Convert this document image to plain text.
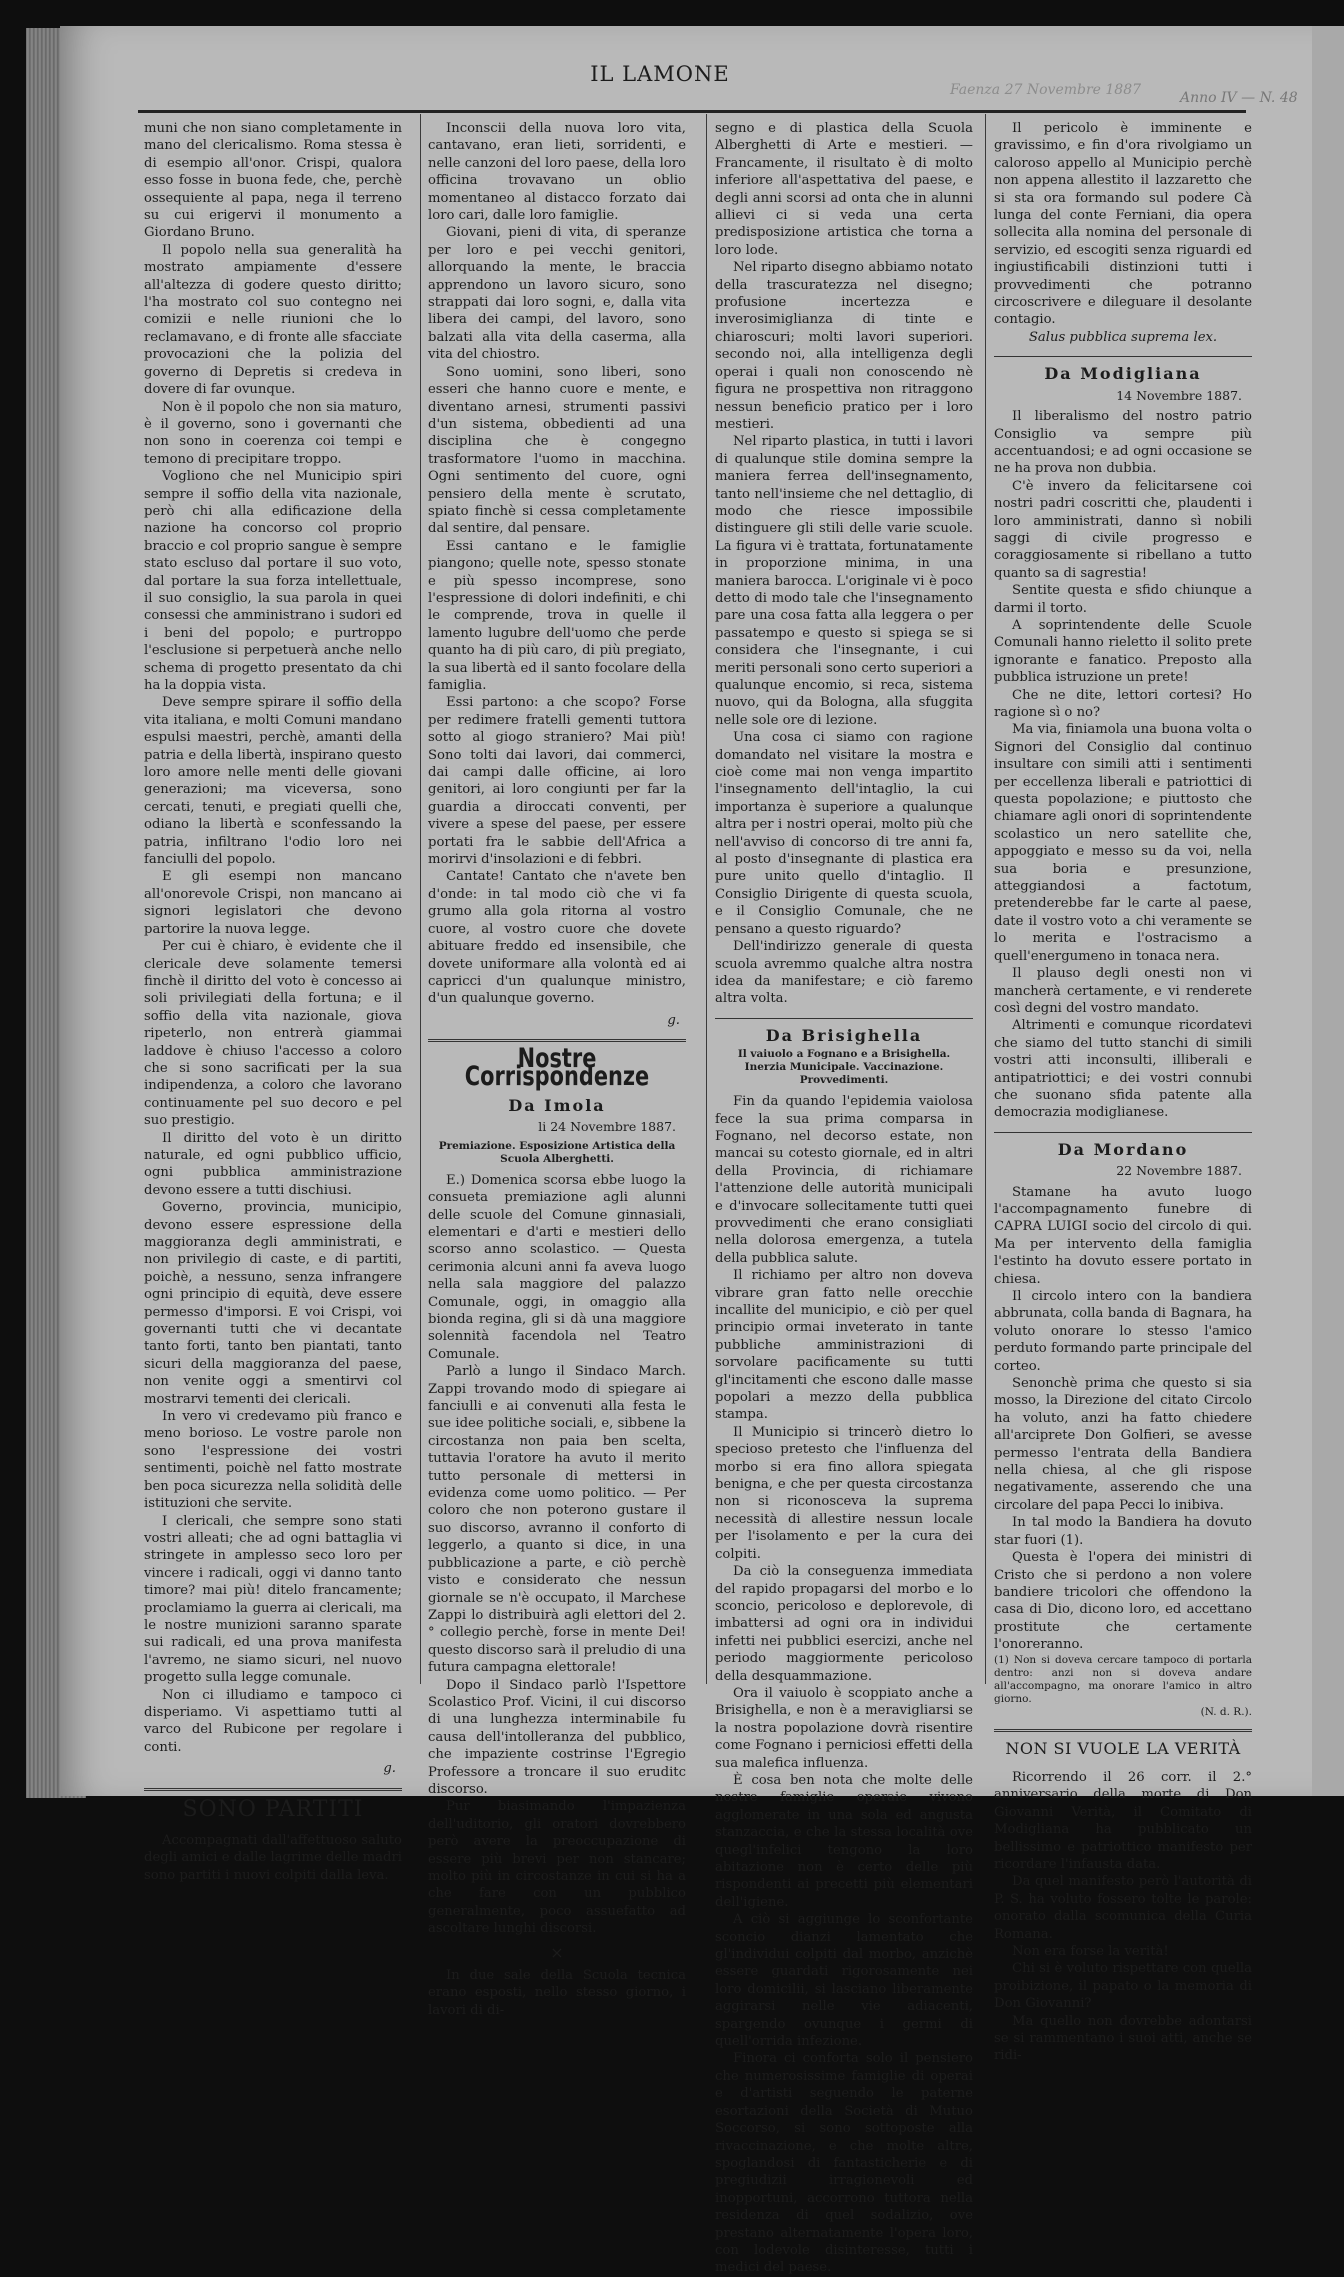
Faenza 27 Novembre 1887
IL LAMONE

muni che non siano completamente in mano del clericalismo. Roma stessa è di esempio all'onor. Crispi, qualora esso fosse in buona fede, che, perchè ossequiente al papa, nega il terreno su cui erigervi il monumento a Giordano Bruno.

Il popolo nella sua generalità ha mostrato ampiamente d'essere all'altezza di godere questo diritto; l'ha mostrato col suo contegno nei comizii e nelle riunioni che lo reclamavano, e di fronte alle sfacciate provocazioni che la polizia del governo di Depretis si credeva in dovere di far ovunque.

Non è il popolo che non sia maturo, è il governo, sono i governanti che non sono in coerenza coi tempi e temono di precipitare troppo.

Vogliono che nel Municipio spiri sempre il soffio della vita nazionale, però chi alla edificazione della nazione ha concorso col proprio braccio e col proprio sangue è sempre stato escluso dal portare il suo voto, dal portare la sua forza intellettuale, il suo consiglio, la sua parola in quei consessi che amministrano i sudori ed i beni del popolo; e purtroppo l'esclusione si perpetuerà anche nello schema di progetto presentato da chi ha la doppia vista.

Deve sempre spirare il soffio della vita italiana, e molti Comuni mandano espulsi maestri, perchè, amanti della patria e della libertà, inspirano questo loro amore nelle menti delle giovani generazioni; ma viceversa, sono cercati, tenuti, e pregiati quelli che, odiano la libertà e sconfessando la patria, infiltrano l'odio loro nei fanciulli del popolo.

E gli esempi non mancano all'onorevole Crispi, non mancano ai signori legislatori che devono partorire la nuova legge.

Per cui è chiaro, è evidente che il clericale deve solamente temersi finchè il diritto del voto è concesso ai soli privilegiati della fortuna; e il soffio della vita nazionale, giova ripeterlo, non entrerà giammai laddove è chiuso l'accesso a coloro che si sono sacrificati per la sua indipendenza, a coloro che lavorano continuamente pel suo decoro e pel suo prestigio.

Il diritto del voto è un diritto naturale, ed ogni pubblico ufficio, ogni pubblica amministrazione devono essere a tutti dischiusi.

Governo, provincia, municipio, devono essere espressione della maggioranza degli amministrati, e non privilegio di caste, e di partiti, poichè, a nessuno, senza infrangere ogni principio di equità, deve essere permesso d'imporsi. E voi Crispi, voi governanti tutti che vi decantate tanto forti, tanto ben piantati, tanto sicuri della maggioranza del paese, non venite oggi a smentirvi col mostrarvi tementi dei clericali.

In vero vi credevamo più franco e meno borioso. Le vostre parole non sono l'espressione dei vostri sentimenti, poichè nel fatto mostrate ben poca sicurezza nella solidità delle istituzioni che servite.

I clericali, che sempre sono stati vostri alleati; che ad ogni battaglia vi stringete in amplesso seco loro per vincere i radicali, oggi vi danno tanto timore? mai più! ditelo francamente; proclamiamo la guerra ai clericali, ma le nostre munizioni saranno sparate sui radicali, ed una prova manifesta l'avremo, ne siamo sicuri, nel nuovo progetto sulla legge comunale.

Non ci illudiamo e tampoco ci disperiamo. Vi aspettiamo tutti al varco del Rubicone per regolare i conti.

g.
SONO PARTITI

Accompagnati dall'affettuoso saluto degli amici e dalle lagrime delle madri sono partiti i nuovi colpiti dalla leva.

Inconscii della nuova loro vita, cantavano, eran lieti, sorridenti, e nelle canzoni del loro paese, della loro officina trovavano un oblio momentaneo al distacco forzato dai loro cari, dalle loro famiglie.

Giovani, pieni di vita, di speranze per loro e pei vecchi genitori, allorquando la mente, le braccia apprendono un lavoro sicuro, sono strappati dai loro sogni, e, dalla vita libera dei campi, del lavoro, sono balzati alla vita della caserma, alla vita del chiostro.

Sono uomini, sono liberi, sono esseri che hanno cuore e mente, e diventano arnesi, strumenti passivi d'un sistema, obbedienti ad una disciplina che è congegno trasformatore l'uomo in macchina. Ogni sentimento del cuore, ogni pensiero della mente è scrutato, spiato finchè si cessa completamente dal sentire, dal pensare.

Essi cantano e le famiglie piangono; quelle note, spesso stonate e più spesso incomprese, sono l'espressione di dolori indefiniti, e chi le comprende, trova in quelle il lamento lugubre dell'uomo che perde quanto ha di più caro, di più pregiato, la sua libertà ed il santo focolare della famiglia.

Essi partono: a che scopo? Forse per redimere fratelli gementi tuttora sotto al giogo straniero? Mai più! Sono tolti dai lavori, dai commerci, dai campi dalle officine, ai loro genitori, ai loro congiunti per far la guardia a diroccati conventi, per vivere a spese del paese, per essere portati fra le sabbie dell'Africa a morirvi d'insolazioni e di febbri.

Cantate! Cantato che n'avete ben d'onde: in tal modo ciò che vi fa grumo alla gola ritorna al vostro cuore, al vostro cuore che dovete abituare freddo ed insensibile, che dovete uniformare alla volontà ed ai capricci d'un qualunque ministro, d'un qualunque governo.

g.
Nostre Corrispondenze
Da Imola
li 24 Novembre 1887.
Premiazione. Esposizione Artistica della Scuola Alberghetti.

E.) Domenica scorsa ebbe luogo la consueta premiazione agli alunni delle scuole del Comune ginnasiali, elementari e d'arti e mestieri dello scorso anno scolastico. — Questa cerimonia alcuni anni fa aveva luogo nella sala maggiore del palazzo Comunale, oggi, in omaggio alla bionda regina, gli si dà una maggiore solennità facendola nel Teatro Comunale.

Parlò a lungo il Sindaco March. Zappi trovando modo di spiegare ai fanciulli e ai convenuti alla festa le sue idee politiche sociali, e, sibbene la circostanza non paia ben scelta, tuttavia l'oratore ha avuto il merito tutto personale di mettersi in evidenza come uomo politico. — Per coloro che non poterono gustare il suo discorso, avranno il conforto di leggerlo, a quanto si dice, in una pubblicazione a parte, e ciò perchè visto e considerato che nessun giornale se n'è occupato, il Marchese Zappi lo distribuirà agli elettori del 2.° collegio perchè, forse in mente Dei! questo discorso sarà il preludio di una futura campagna elettorale!

Dopo il Sindaco parlò l'Ispettore Scolastico Prof. Vicini, il cui discorso di una lunghezza interminabile fu causa dell'intolleranza del pubblico, che impaziente costrinse l'Egregio Professore a troncare il suo eruditc discorso.

Pur biasimando l'impazienza dell'uditorio, gli oratori dovrebbero però avere la preoccupazione di essere più brevi per non stancare; molto più in circostanze in cui si ha a che fare con un pubblico generalmente, poco assuefatto ad ascoltare lunghi discorsi.

×

In due sale della Scuola tecnica erano esposti, nello stesso giorno, i lavori di di-

segno e di plastica della Scuola Alberghetti di Arte e mestieri. — Francamente, il risultato è di molto inferiore all'aspettativa del paese, e degli anni scorsi ad onta che in alunni allievi ci si veda una certa predisposizione artistica che torna a loro lode.

Nel riparto disegno abbiamo notato della trascuratezza nel disegno; profusione incertezza e inverosimiglianza di tinte e chiaroscuri; molti lavori superiori. secondo noi, alla intelligenza degli operai i quali non conoscendo nè figura ne prospettiva non ritraggono nessun beneficio pratico per i loro mestieri.

Nel riparto plastica, in tutti i lavori di qualunque stile domina sempre la maniera ferrea dell'insegnamento, tanto nell'insieme che nel dettaglio, di modo che riesce impossibile distinguere gli stili delle varie scuole. La figura vi è trattata, fortunatamente in proporzione minima, in una maniera barocca. L'originale vi è poco detto di modo tale che l'insegnamento pare una cosa fatta alla leggera o per passatempo e questo si spiega se si considera che l'insegnante, i cui meriti personali sono certo superiori a qualunque encomio, si reca, sistema nuovo, qui da Bologna, alla sfuggita nelle sole ore di lezione.

Una cosa ci siamo con ragione domandato nel visitare la mostra e cioè come mai non venga impartito l'insegnamento dell'intaglio, la cui importanza è superiore a qualunque altra per i nostri operai, molto più che nell'avviso di concorso di tre anni fa, al posto d'insegnante di plastica era pure unito quello d'intaglio. Il Consiglio Dirigente di questa scuola, e il Consiglio Comunale, che ne pensano a questo riguardo?

Dell'indirizzo generale di questa scuola avremmo qualche altra nostra idea da manifestare; e ciò faremo altra volta.

Da Brisighella
Il vaiuolo a Fognano e a Brisighella. Inerzia Municipale. Vaccinazione. Provvedimenti.

Fin da quando l'epidemia vaiolosa fece la sua prima comparsa in Fognano, nel decorso estate, non mancai su cotesto giornale, ed in altri della Provincia, di richiamare l'attenzione delle autorità municipali e d'invocare sollecitamente tutti quei provvedimenti che erano consigliati nella dolorosa emergenza, a tutela della pubblica salute.

Il richiamo per altro non doveva vibrare gran fatto nelle orecchie incallite del municipio, e ciò per quel principio ormai inveterato in tante pubbliche amministrazioni di sorvolare pacificamente su tutti gl'incitamenti che escono dalle masse popolari a mezzo della pubblica stampa.

Il Municipio si trincerò dietro lo specioso pretesto che l'influenza del morbo si era fino allora spiegata benigna, e che per questa circostanza non si riconosceva la suprema necessità di allestire nessun locale per l'isolamento e per la cura dei colpiti.

Da ciò la conseguenza immediata del rapido propagarsi del morbo e lo sconcio, pericoloso e deplorevole, di imbattersi ad ogni ora in individui infetti nei pubblici esercizi, anche nel periodo maggiormente pericoloso della desquammazione.

Ora il vaiuolo è scoppiato anche a Brisighella, e non è a meravigliarsi se la nostra popolazione dovrà risentire come Fognano i perniciosi effetti della sua malefica influenza.

È cosa ben nota che molte delle nostre famiglie operaie vivono agglomerate in una sola ed angusta stanzaccia, e che la stessa località ove quegl'infelici tengono la loro abitazione non è certo delle più rispondenti ai precetti più elementari dell'igiene.

A ciò si aggiunge lo sconfortante sconcio dianzi lamentato che gl'individui colpiti dal morbo, anzichè essere guardati rigorosamente nei loro domicilii, si lasciano liberamente aggirarsi nelle vie adiacenti, spargendo ovunque i germi di quell'orrida infezione.

Finora ci conforta solo il pensiero che numerosissime famiglie di operai e d'artisti seguendo le paterne esortazioni della Società di Mutuo Soccorso, si sono sottoposte alla rivaccinazione, e che molte altre, spoglandosi di fantasticherie e di pregiudizii irragionevoli ed inopportuni, accorrono tuttora nella residenza di quel sodalizio, ove prestano alternatamente l'opera loro, con lodevole disinteresse, tutti i medici del paese.

Il pericolo è imminente e gravissimo, e fin d'ora rivolgiamo un caloroso appello al Municipio perchè non appena allestito il lazzaretto che si sta ora formando sul podere Cà lunga del conte Ferniani, dia opera sollecita alla nomina del personale di servizio, ed escogiti senza riguardi ed ingiustificabili distinzioni tutti i provvedimenti che potranno circoscrivere e dileguare il desolante contagio.

Salus pubblica suprema lex.
Da Modigliana
14 Novembre 1887.

Il liberalismo del nostro patrio Consiglio va sempre più accentuandosi; e ad ogni occasione se ne ha prova non dubbia.

C'è invero da felicitarsene coi nostri padri coscritti che, plaudenti i loro amministrati, danno sì nobili saggi di civile progresso e coraggiosamente si ribellano a tutto quanto sa di sagrestia!

Sentite questa e sfido chiunque a darmi il torto.

A soprintendente delle Scuole Comunali hanno rieletto il solito prete ignorante e fanatico. Preposto alla pubblica istruzione un prete!

Che ne dite, lettori cortesi? Ho ragione sì o no?

Ma via, finiamola una buona volta o Signori del Consiglio dal continuo insultare con simili atti i sentimenti per eccellenza liberali e patriottici di questa popolazione; e piuttosto che chiamare agli onori di soprintendente scolastico un nero satellite che, appoggiato e messo su da voi, nella sua boria e presunzione, atteggiandosi a factotum, pretenderebbe far le carte al paese, date il vostro voto a chi veramente se lo merita e l'ostracismo a quell'energumeno in tonaca nera.

Il plauso degli onesti non vi mancherà certamente, e vi renderete così degni del vostro mandato.

Altrimenti e comunque ricordatevi che siamo del tutto stanchi di simili vostri atti inconsulti, illiberali e antipatriottici; e dei vostri connubi che suonano sfida patente alla democrazia modiglianese.

Da Mordano
22 Novembre 1887.

Stamane ha avuto luogo l'accompagnamento funebre di CAPRA LUIGI socio del circolo di qui. Ma per intervento della famiglia l'estinto ha dovuto essere portato in chiesa.

Il circolo intero con la bandiera abbrunata, colla banda di Bagnara, ha voluto onorare lo stesso l'amico perduto formando parte principale del corteo.

Senonchè prima che questo si sia mosso, la Direzione del citato Circolo ha voluto, anzi ha fatto chiedere all'arciprete Don Golfieri, se avesse permesso l'entrata della Bandiera nella chiesa, al che gli rispose negativamente, asserendo che una circolare del papa Pecci lo inibiva.

In tal modo la Bandiera ha dovuto star fuori (1).

Questa è l'opera dei ministri di Cristo che si perdono a non volere bandiere tricolori che offendono la casa di Dio, dicono loro, ed accettano prostitute che certamente l'onoreranno.

(1) Non si doveva cercare tampoco di portarla dentro: anzi non si doveva andare all'accompagno, ma onorare l'amico in altro giorno.
(N. d. R.).
NON SI VUOLE LA VERITÀ

Ricorrendo il 26 corr. il 2.° anniversario della morte di Don Giovanni Verità, il Comitato di Modigliana ha pubblicato un bellissimo e patriottico manifesto per ricordare l'infausta data.

Da quel manifesto però l'autorità di P. S. ha voluto fossero tolte le parole: onorato dalla scomunica della Curia Romana.

Non era forse la verità!

Chi si è voluto rispettare con quella proibizione, il papato o la memoria di Don Giovanni?

Ma quello non dovrebbe adontarsi se si rammentano i suoi atti, anche se ridi-

Anno IV — N. 48
